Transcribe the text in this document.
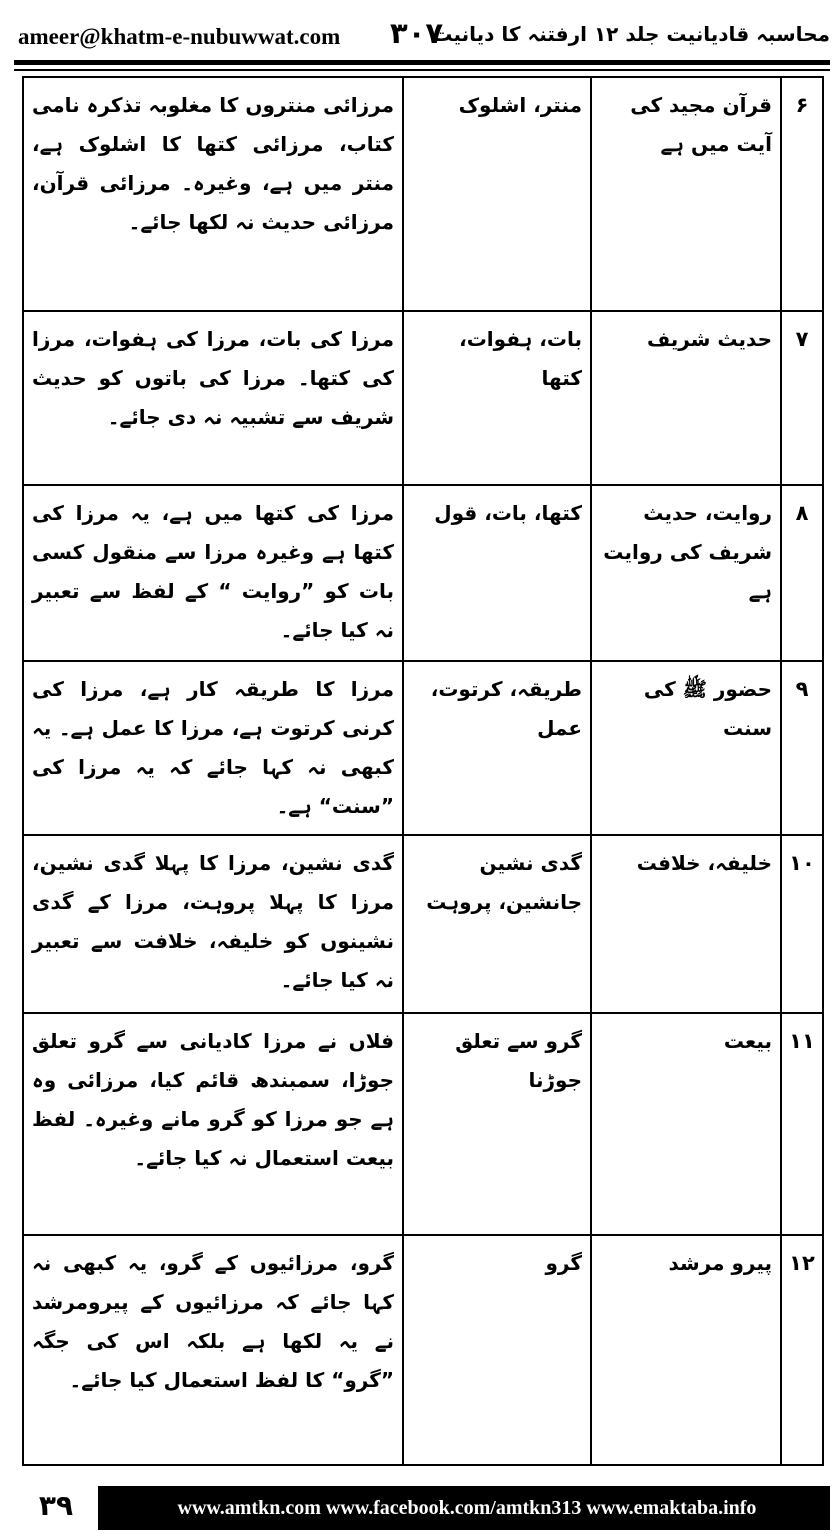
ameer@khatm-e-nubuwwat.com ۳۰۷
محاسبہ قادیانیت جلد ۱۲ ارفتنہ کا دیانیت
۶	قرآن مجید کی آیت میں ہے	منتر، اشلوک	مرزائی منتروں کا مغلوبہ تذکرہ نامی کتاب، مرزائی کتھا کا اشلوک ہے، منتر میں ہے، وغیرہ۔ مرزائی قرآن، مرزائی حدیث نہ لکھا جائے۔
۷	حدیث شریف	بات، ہفوات، کتھا	مرزا کی بات، مرزا کی ہفوات، مرزا کی کتھا۔ مرزا کی باتوں کو حدیث شریف سے تشبیہ نہ دی جائے۔
۸	روایت، حدیث شریف کی روایت ہے	کتھا، بات، قول	مرزا کی کتھا میں ہے، یہ مرزا کی کتھا ہے وغیرہ مرزا سے منقول کسی بات کو ”روایت “ کے لفظ سے تعبیر نہ کیا جائے۔
۹	حضور ﷺ کی سنت	طریقہ، کرتوت، عمل	مرزا کا طریقہ کار ہے، مرزا کی کرنی کرتوت ہے، مرزا کا عمل ہے۔ یہ کبھی نہ کہا جائے کہ یہ مرزا کی ”سنت“ ہے۔
۱۰	خلیفہ، خلافت	گدی نشین جانشین، پروہت	گدی نشین، مرزا کا پہلا گدی نشین، مرزا کا پہلا پروہت، مرزا کے گدی نشینوں کو خلیفہ، خلافت سے تعبیر نہ کیا جائے۔
۱۱	بیعت	گرو سے تعلق جوڑنا	فلاں نے مرزا کادیانی سے گرو تعلق جوڑا، سمبندھ قائم کیا، مرزائی وہ ہے جو مرزا کو گرو مانے وغیرہ۔ لفظ بیعت استعمال نہ کیا جائے۔
۱۲	پیرو مرشد	گرو	گرو، مرزائیوں کے گرو، یہ کبھی نہ کہا جائے کہ مرزائیوں کے پیرومرشد نے یہ لکھا ہے بلکہ اس کی جگہ ”گرو“ کا لفظ استعمال کیا جائے۔
۳۹	www.amtkn.com www.facebook.com/amtkn313 www.emaktaba.info
